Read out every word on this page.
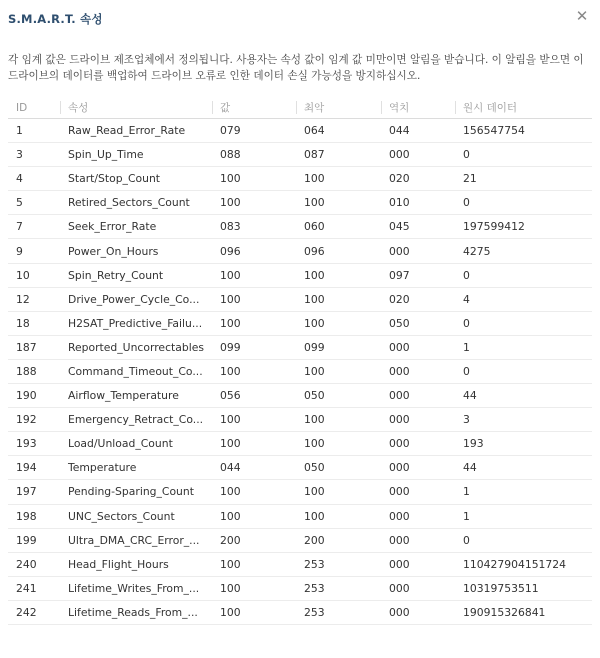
S.M.A.R.T. 속성	✕
각 임계 값은 드라이브 제조업체에서 정의됩니다. 사용자는 속성 값이 임계 값 미만이면 알림을 받습니다. 이 알림을 받으면 이 드라이브의 데이터를 백업하여 드라이브 오류로 인한 데이터 손실 가능성을 방지하십시오.
ID	속성	값	최악	역치	원시 데이터
1	Raw_Read_Error_Rate	079	064	044	156547754
3	Spin_Up_Time	088	087	000	0
4	Start/Stop_Count	100	100	020	21
5	Retired_Sectors_Count	100	100	010	0
7	Seek_Error_Rate	083	060	045	197599412
9	Power_On_Hours	096	096	000	4275
10	Spin_Retry_Count	100	100	097	0
12	Drive_Power_Cycle_Co...	100	100	020	4
18	H2SAT_Predictive_Failu...	100	100	050	0
187	Reported_Uncorrectables	099	099	000	1
188	Command_Timeout_Co...	100	100	000	0
190	Airflow_Temperature	056	050	000	44
192	Emergency_Retract_Co...	100	100	000	3
193	Load/Unload_Count	100	100	000	193
194	Temperature	044	050	000	44
197	Pending-Sparing_Count	100	100	000	1
198	UNC_Sectors_Count	100	100	000	1
199	Ultra_DMA_CRC_Error_...	200	200	000	0
240	Head_Flight_Hours	100	253	000	110427904151724
241	Lifetime_Writes_From_...	100	253	000	10319753511
242	Lifetime_Reads_From_...	100	253	000	190915326841
